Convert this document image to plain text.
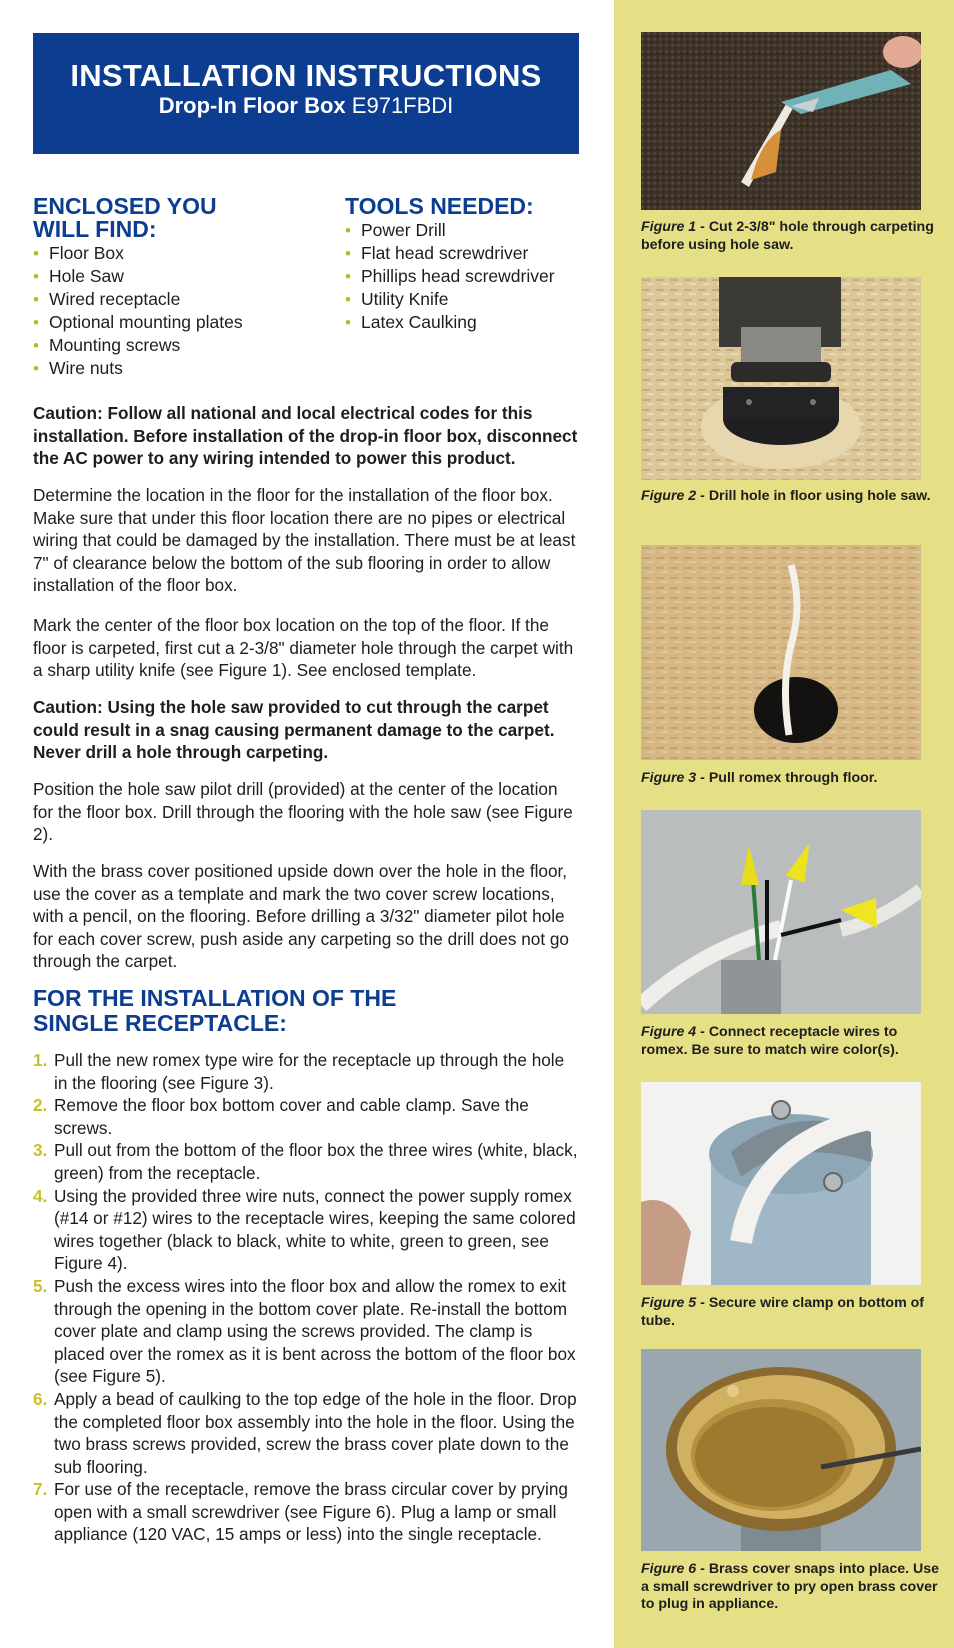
INSTALLATION INSTRUCTIONS
Drop-In Floor Box E971FBDI
ENCLOSED YOU
WILL FIND:
• Floor Box
• Hole Saw
• Wired receptacle
• Optional mounting plates
• Mounting screws
• Wire nuts
TOOLS NEEDED:
• Power Drill
• Flat head screwdriver
• Phillips head screwdriver
• Utility Knife
• Latex Caulking

Caution: Follow all national and local electrical codes for this installation. Before installation of the drop-in floor box, disconnect the AC power to any wiring intended to power this product.

Determine the location in the floor for the installation of the floor box. Make sure that under this floor location there are no pipes or electrical wiring that could be damaged by the installation. There must be at least 7" of clearance below the bottom of the sub flooring in order to allow installation of the floor box.

Mark the center of the floor box location on the top of the floor. If the floor is carpeted, first cut a 2-3/8" diameter hole through the carpet with a sharp utility knife (see Figure 1). See enclosed template.

Caution: Using the hole saw provided to cut through the carpet could result in a snag causing permanent damage to the carpet. Never drill a hole through carpeting.

Position the hole saw pilot drill (provided) at the center of the location for the floor box. Drill through the flooring with the hole saw (see Figure 2).

With the brass cover positioned upside down over the hole in the floor, use the cover as a template and mark the two cover screw locations, with a pencil, on the flooring. Before drilling a 3/32" diameter pilot hole for each cover screw, push aside any carpeting so the drill does not go through the carpet.

FOR THE INSTALLATION OF THE
SINGLE RECEPTACLE:
1. Pull the new romex type wire for the receptacle up through the hole in the flooring (see Figure 3).
2. Remove the floor box bottom cover and cable clamp. Save the screws.
3. Pull out from the bottom of the floor box the three wires (white, black, green) from the receptacle.
4. Using the provided three wire nuts, connect the power supply romex (#14 or #12) wires to the receptacle wires, keeping the same colored wires together (black to black, white to white, green to green, see Figure 4).
5. Push the excess wires into the floor box and allow the romex to exit through the opening in the bottom cover plate. Re-install the bottom cover plate and clamp using the screws provided. The clamp is placed over the romex as it is bent across the bottom of the floor box (see Figure 5).
6. Apply a bead of caulking to the top edge of the hole in the floor. Drop the completed floor box assembly into the hole in the floor. Using the two brass screws provided, screw the brass cover plate down to the sub flooring.
7. For use of the receptacle, remove the brass circular cover by prying open with a small screwdriver (see Figure 6). Plug a lamp or small appliance (120 VAC, 15 amps or less) into the single receptacle.
Figure 1 - Cut 2-3/8" hole through carpeting before using hole saw.
Figure 2 - Drill hole in floor using hole saw.
Figure 3 - Pull romex through floor.
Figure 4 - Connect receptacle wires to romex. Be sure to match wire color(s).
Figure 5 - Secure wire clamp on bottom of tube.
Figure 6 - Brass cover snaps into place. Use a small screwdriver to pry open brass cover to plug in appliance.
